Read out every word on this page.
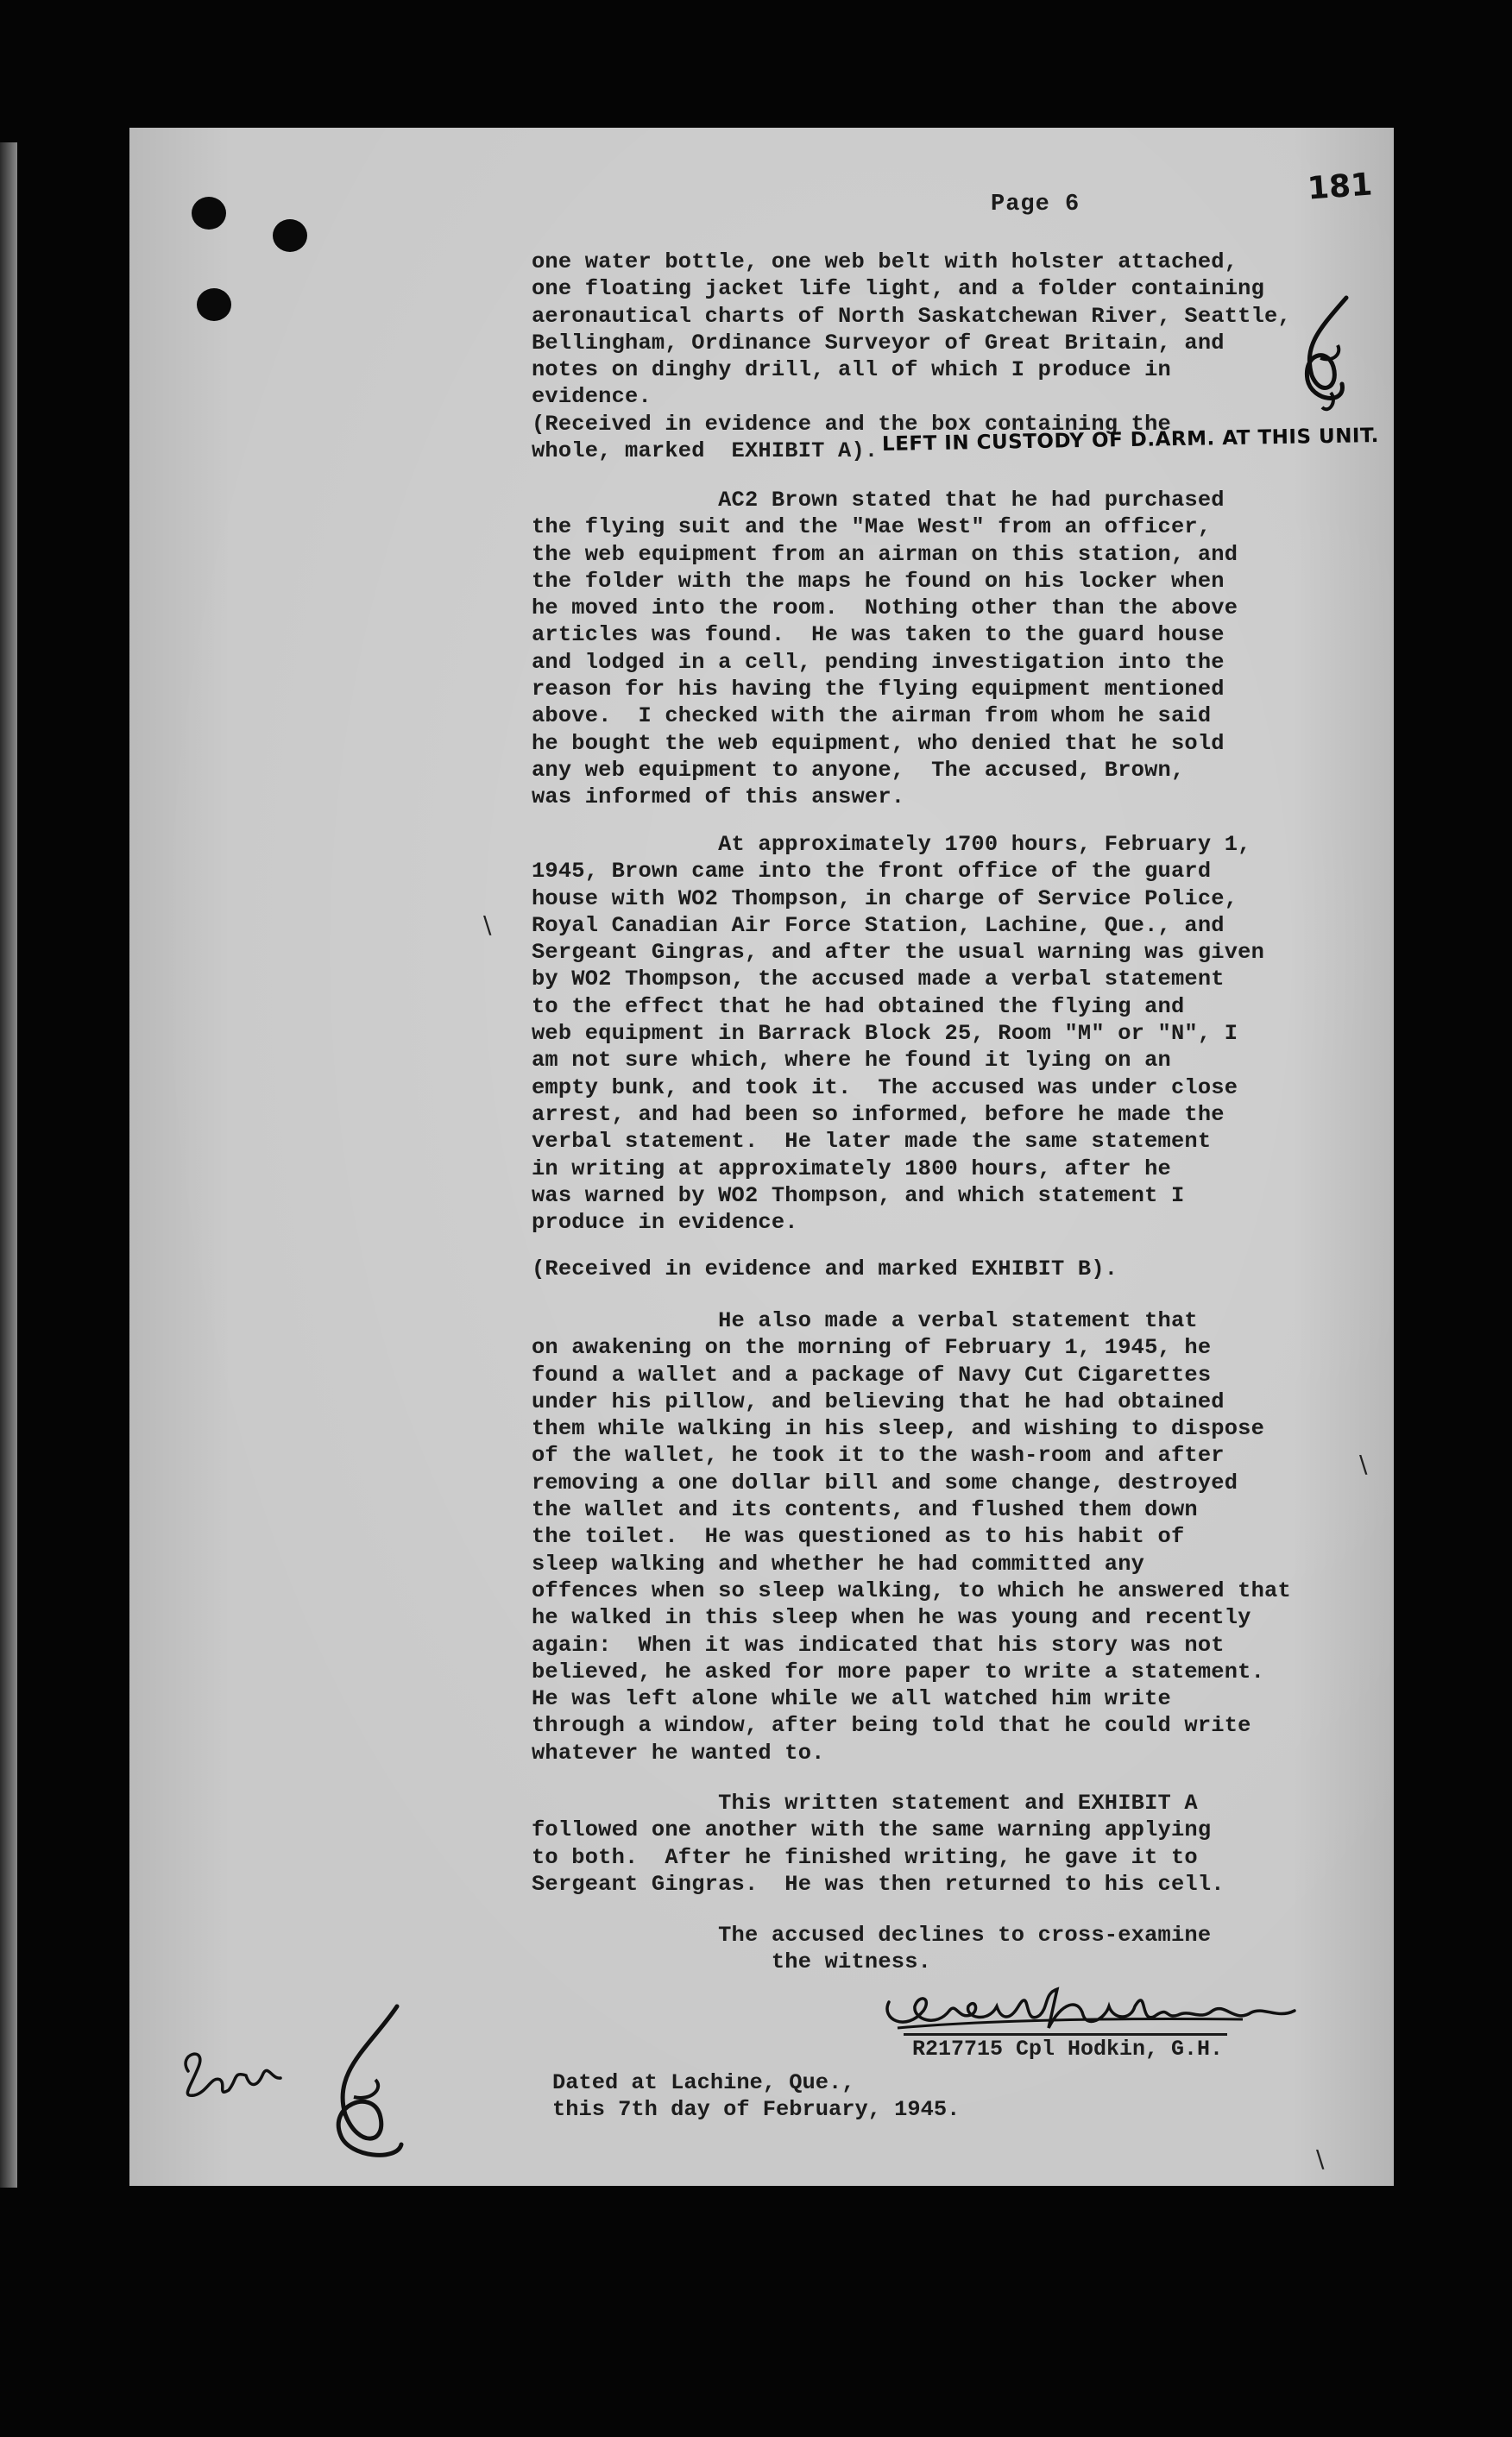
Page 6	181
one water bottle, one web belt with holster attached,
one floating jacket life light, and a folder containing
aeronautical charts of North Saskatchewan River, Seattle,
Bellingham, Ordinance Surveyor of Great Britain, and
notes on dinghy drill, all of which I produce in
evidence.
(Received in evidence and the box containing the
whole, marked  EXHIBIT A). LEFT IN CUSTODY OF D.ARM. AT THIS UNIT.
AC2 Brown stated that he had purchased
the flying suit and the "Mae West" from an officer,
the web equipment from an airman on this station, and
the folder with the maps he found on his locker when
he moved into the room.  Nothing other than the above
articles was found.  He was taken to the guard house
and lodged in a cell, pending investigation into the
reason for his having the flying equipment mentioned
above.  I checked with the airman from whom he said
he bought the web equipment, who denied that he sold
any web equipment to anyone,  The accused, Brown,
was informed of this answer.
At approximately 1700 hours, February 1,
1945, Brown came into the front office of the guard
house with WO2 Thompson, in charge of Service Police,
Royal Canadian Air Force Station, Lachine, Que., and
Sergeant Gingras, and after the usual warning was given
by WO2 Thompson, the accused made a verbal statement
to the effect that he had obtained the flying and
web equipment in Barrack Block 25, Room "M" or "N", I
am not sure which, where he found it lying on an
empty bunk, and took it.  The accused was under close
arrest, and had been so informed, before he made the
verbal statement.  He later made the same statement
in writing at approximately 1800 hours, after he
was warned by WO2 Thompson, and which statement I
produce in evidence.
(Received in evidence and marked EXHIBIT B).
He also made a verbal statement that
on awakening on the morning of February 1, 1945, he
found a wallet and a package of Navy Cut Cigarettes
under his pillow, and believing that he had obtained
them while walking in his sleep, and wishing to dispose
of the wallet, he took it to the wash-room and after
removing a one dollar bill and some change, destroyed
the wallet and its contents, and flushed them down
the toilet.  He was questioned as to his habit of
sleep walking and whether he had committed any
offences when so sleep walking, to which he answered that
he walked in this sleep when he was young and recently
again:  When it was indicated that his story was not
believed, he asked for more paper to write a statement.
He was left alone while we all watched him write
through a window, after being told that he could write
whatever he wanted to.
This written statement and EXHIBIT A
followed one another with the same warning applying
to both.  After he finished writing, he gave it to
Sergeant Gingras.  He was then returned to his cell.
The accused declines to cross-examine
the witness.
R217715 Cpl Hodkin, G.H.
Dated at Lachine, Que.,
this 7th day of February, 1945.
\
\
\
